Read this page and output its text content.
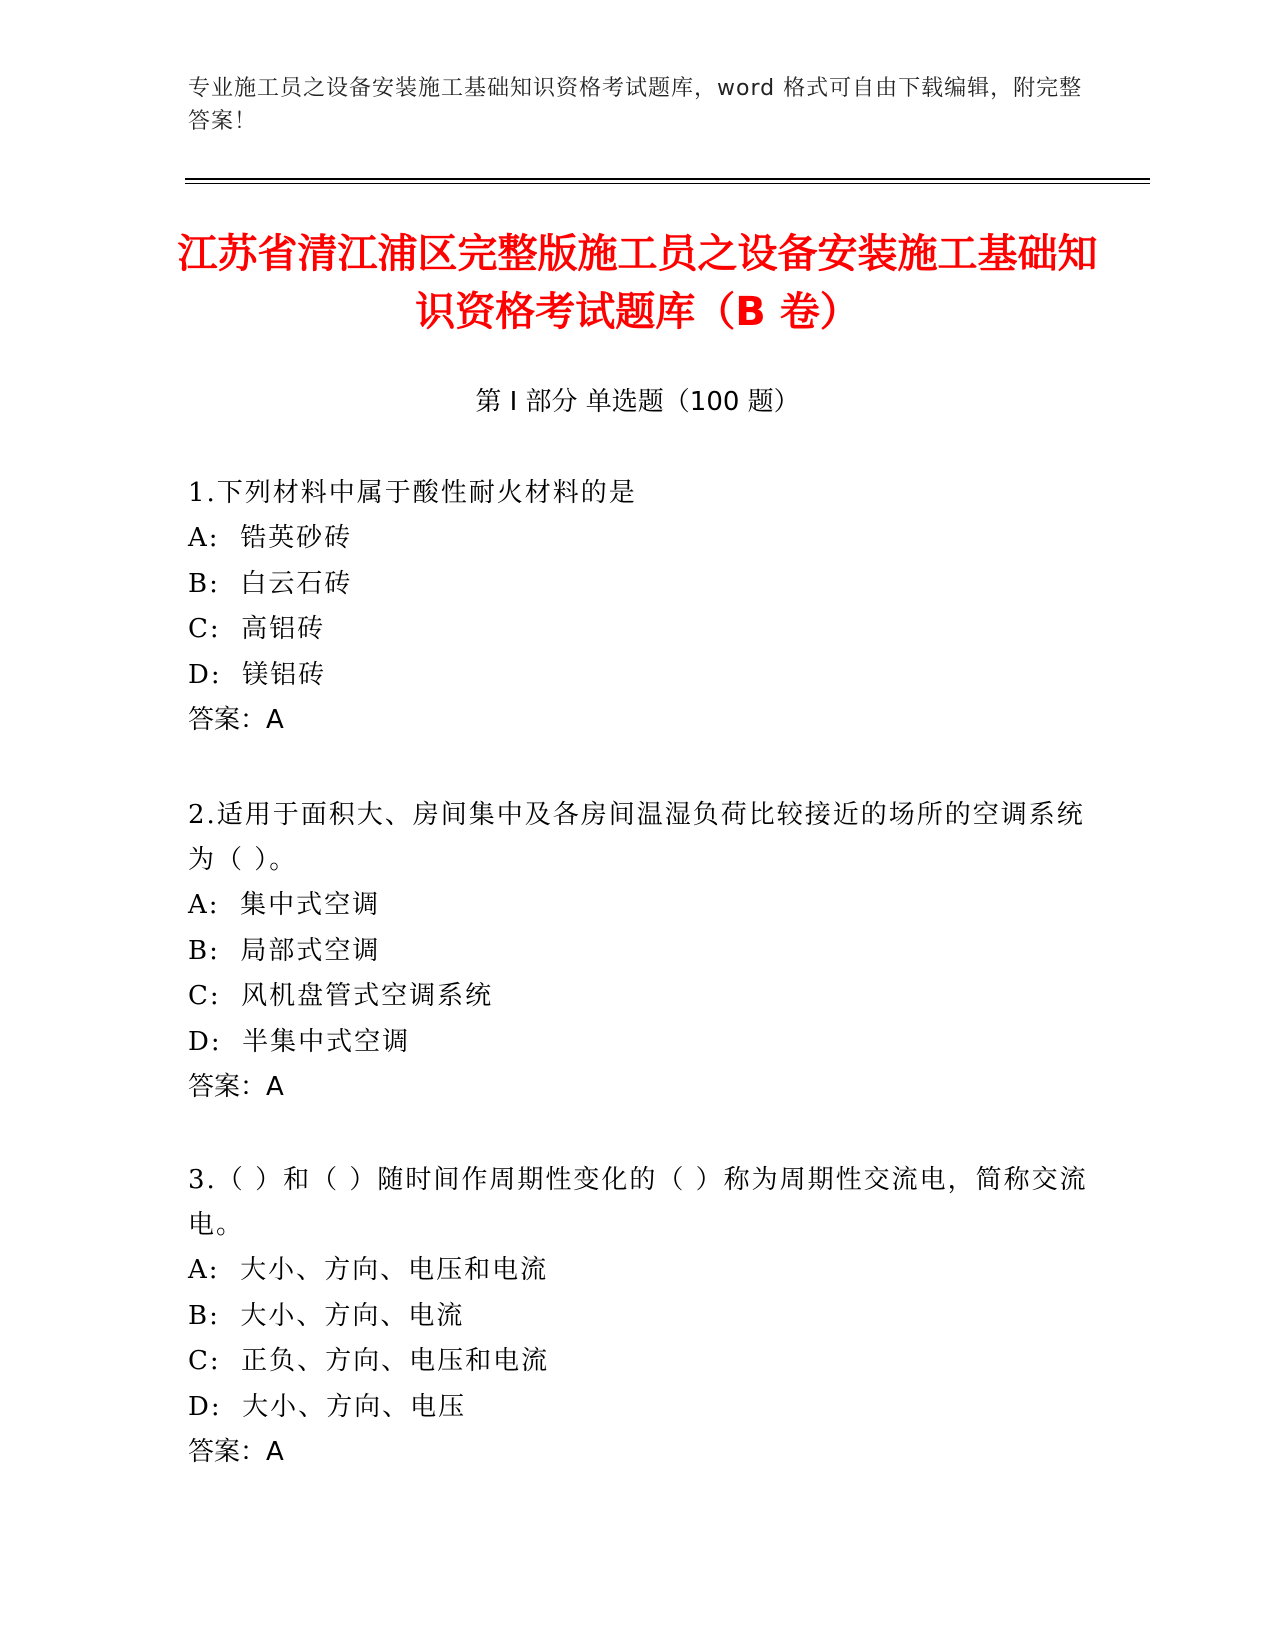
专业施工员之设备安装施工基础知识资格考试题库，word 格式可自由下载编辑，附完整答案！
江苏省清江浦区完整版施工员之设备安装施工基础知识资格考试题库（B 卷）
第 I 部分 单选题（100 题）

1.下列材料中属于酸性耐火材料的是

A:  锆英砂砖

B:  白云石砖

C:  高铝砖

D:  镁铝砖

答案：A

2.适用于面积大、房间集中及各房间温湿负荷比较接近的场所的空调系统为（ ）。

A:  集中式空调

B:  局部式空调

C:  风机盘管式空调系统

D:  半集中式空调

答案：A

3.（ ）和（ ）随时间作周期性变化的（ ）称为周期性交流电，简称交流电。

A:  大小、方向、电压和电流

B:  大小、方向、电流

C:  正负、方向、电压和电流

D:  大小、方向、电压

答案：A
